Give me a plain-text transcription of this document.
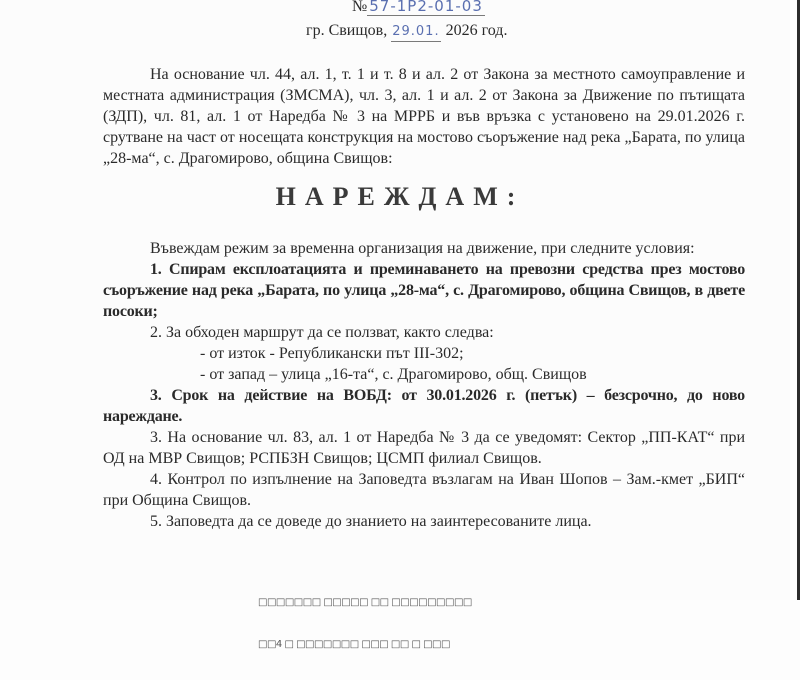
№ 57-1Р2-01-03
гр. Свищов, 29.01. 2026 год.

На основание чл. 44, ал. 1, т. 1 и т. 8 и ал. 2 от Закона за местното самоуправление и местната администрация (ЗМСМА), чл. 3, ал. 1 и ал. 2 от Закона за Движение по пътищата (ЗДП), чл. 81, ал. 1 от Наредба № 3 на МРРБ и във връзка с установено на 29.01.2026 г. срутване на част от носещата конструкция на мостово съоръжение над река „Барата, по улица „28-ма“, с. Драгомирово, община Свищов:

НАРЕЖДАМ:

Въвеждам режим за временна организация на движение, при следните условия:

1. Спирам експлоатацията и преминаването на превозни средства през мостово съоръжение над река „Барата, по улица „28-ма“, с. Драгомирово, община Свищов, в двете посоки;

2. За обходен маршрут да се ползват, както следва:

- от изток - Републикански път III-302;

- от запад – улица „16-та“, с. Драгомирово, общ. Свищов

3. Срок на действие на ВОБД: от 30.01.2026 г. (петък) – безсрочно, до ново нареждане.

3. На основание чл. 83, ал. 1 от Наредба № 3 да се уведомят: Сектор „ПП-КАТ“ при ОД на МВР Свищов; РСПБЗН Свищов; ЦСМП филиал Свищов.

4. Контрол по изпълнение на Заповедта възлагам на Иван Шопов – Зам.-кмет „БИП“ при Община Свищов.

5. Заповедта да се доведе до знанието на заинтересованите лица.

□□□□□□□ □□□□□ □□ □□□□□□□□□

□□4 □ □□□□□□□ □□□ □□ □ □□□
